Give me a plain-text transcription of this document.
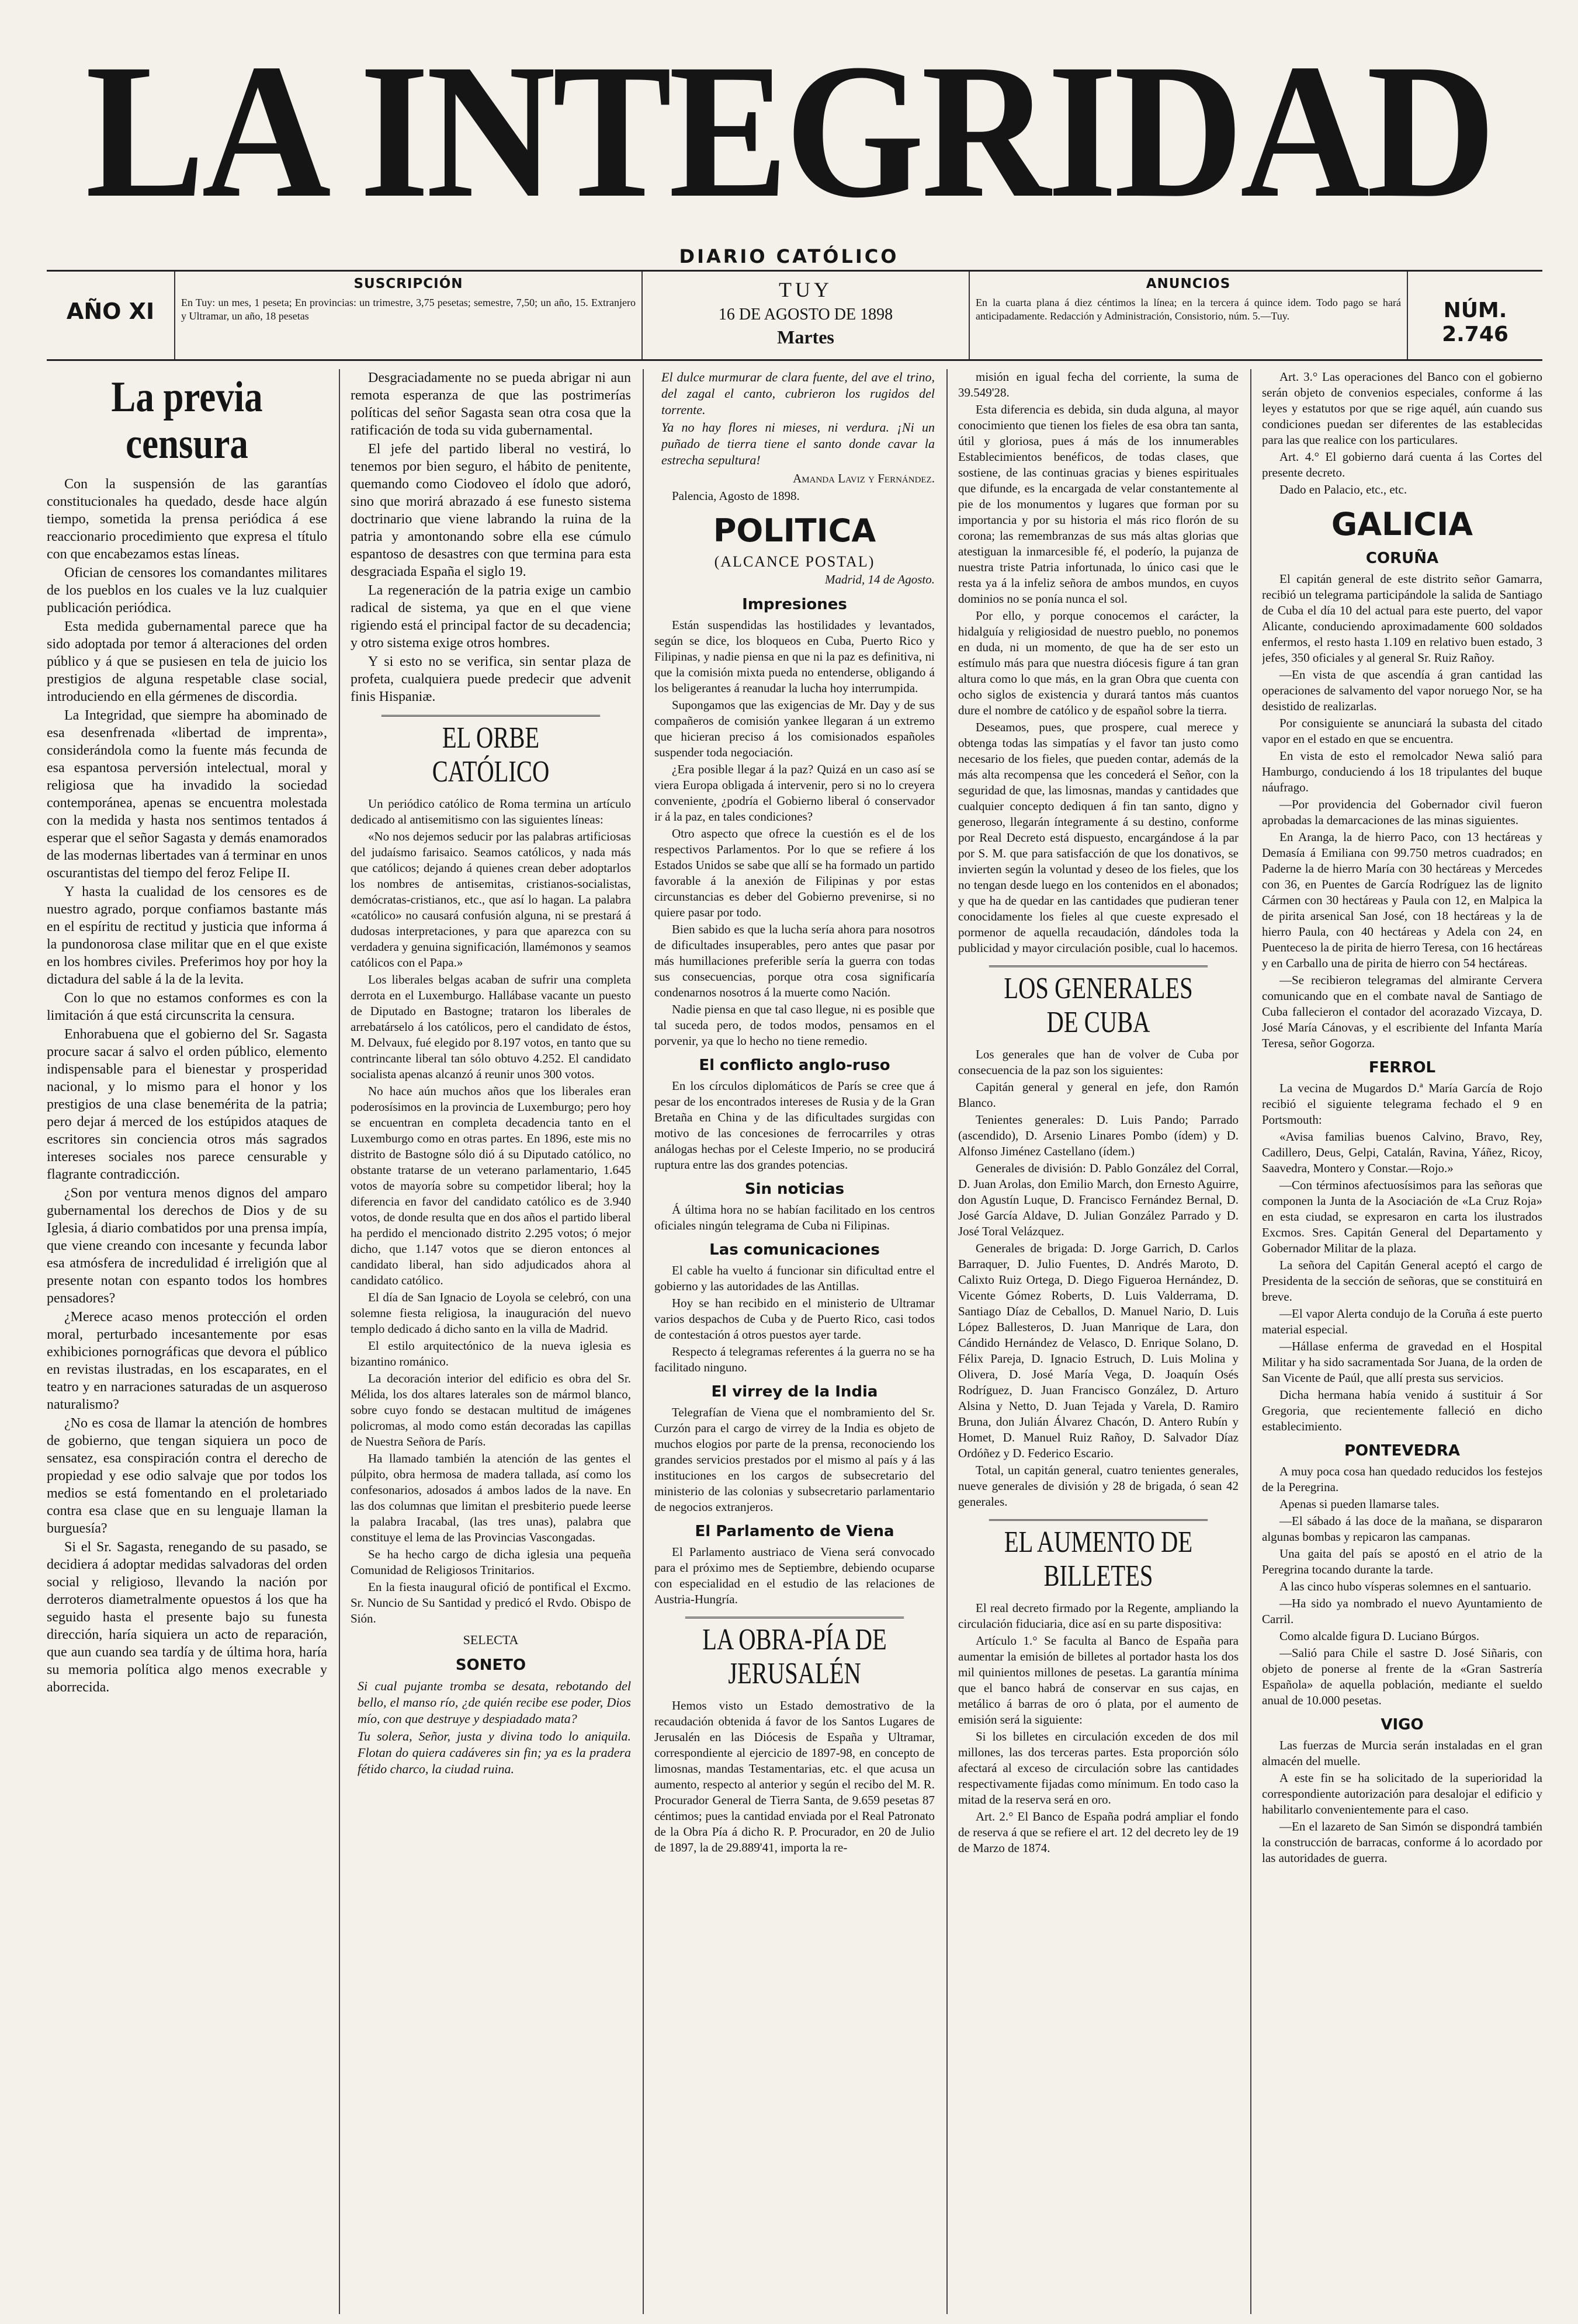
LA INTEGRIDAD
DIARIO CATÓLICO
AÑO XI
SUSCRIPCIÓN

En Tuy: un mes, 1 peseta; En provincias: un trimestre, 3,75 pesetas; semestre, 7,50; un año, 15. Extranjero y Ultramar, un año, 18 pesetas

TUY
16 DE AGOSTO DE 1898
Martes
ANUNCIOS

En la cuarta plana á diez céntimos la línea; en la tercera á quince idem. Todo pago se hará anticipadamente. Redacción y Administración, Consistorio, núm. 5.—Tuy.	NÚM. 2.746
La previa censura

Con la suspensión de las garantías constitucionales ha quedado, desde hace algún tiempo, sometida la prensa periódica á ese reaccionario procedimiento que expresa el título con que encabezamos estas líneas.

Ofician de censores los comandantes militares de los pueblos en los cuales ve la luz cualquier publicación periódica.

Esta medida gubernamental parece que ha sido adoptada por temor á alteraciones del orden público y á que se pusiesen en tela de juicio los prestigios de alguna respetable clase social, introduciendo en ella gérmenes de discordia.

La Integridad, que siempre ha abominado de esa desenfrenada «libertad de imprenta», considerándola como la fuente más fecunda de esa espantosa perversión intelectual, moral y religiosa que ha invadido la sociedad contemporánea, apenas se encuentra molestada con la medida y hasta nos sentimos tentados á esperar que el señor Sagasta y demás enamorados de las modernas libertades van á terminar en unos oscurantistas del tiempo del feroz Felipe II.

Y hasta la cualidad de los censores es de nuestro agrado, porque confiamos bastante más en el espíritu de rectitud y justicia que informa á la pundonorosa clase militar que en el que existe en los hombres civiles. Preferimos hoy por hoy la dictadura del sable á la de la levita.

Con lo que no estamos conformes es con la limitación á que está circunscrita la censura.

Enhorabuena que el gobierno del Sr. Sagasta procure sacar á salvo el orden público, elemento indispensable para el bienestar y prosperidad nacional, y lo mismo para el honor y los prestigios de una clase benemérita de la patria; pero dejar á merced de los estúpidos ataques de escritores sin conciencia otros más sagrados intereses sociales nos parece censurable y flagrante contradicción.

¿Son por ventura menos dignos del amparo gubernamental los derechos de Dios y de su Iglesia, á diario combatidos por una prensa impía, que viene creando con incesante y fecunda labor esa atmósfera de incredulidad é irreligión que al presente notan con espanto todos los hombres pensadores?

¿Merece acaso menos protección el orden moral, perturbado incesantemente por esas exhibiciones pornográficas que devora el público en revistas ilustradas, en los escaparates, en el teatro y en narraciones saturadas de un asqueroso naturalismo?

¿No es cosa de llamar la atención de hombres de gobierno, que tengan siquiera un poco de sensatez, esa conspiración contra el derecho de propiedad y ese odio salvaje que por todos los medios se está fomentando en el proletariado contra esa clase que en su lenguaje llaman la burguesía?

Si el Sr. Sagasta, renegando de su pasado, se decidiera á adoptar medidas salvadoras del orden social y religioso, llevando la nación por derroteros diametralmente opuestos á los que ha seguido hasta el presente bajo su funesta dirección, haría siquiera un acto de reparación, que aun cuando sea tardía y de última hora, haría su memoria política algo menos execrable y aborrecida.

Desgraciadamente no se pueda abrigar ni aun remota esperanza de que las postrimerías políticas del señor Sagasta sean otra cosa que la ratificación de toda su vida gubernamental.

El jefe del partido liberal no vestirá, lo tenemos por bien seguro, el hábito de penitente, quemando como Ciodoveo el ídolo que adoró, sino que morirá abrazado á ese funesto sistema doctrinario que viene labrando la ruina de la patria y amontonando sobre ella ese cúmulo espantoso de desastres con que termina para esta desgraciada España el siglo 19.

La regeneración de la patria exige un cambio radical de sistema, ya que en el que viene rigiendo está el principal factor de su decadencia; y otro sistema exige otros hombres.

Y si esto no se verifica, sin sentar plaza de profeta, cualquiera puede predecir que advenit finis Hispaniæ.

EL ORBE CATÓLICO

Un periódico católico de Roma termina un artículo dedicado al antisemitismo con las siguientes líneas:

«No nos dejemos seducir por las palabras artificiosas del judaísmo farisaico. Seamos católicos, y nada más que católicos; dejando á quienes crean deber adoptarlos los nombres de antisemitas, cristianos-socialistas, demócratas-cristianos, etc., que así lo hagan. La palabra «católico» no causará confusión alguna, ni se prestará á dudosas interpretaciones, y para que aparezca con su verdadera y genuina significación, llamémonos y seamos católicos con el Papa.»

Los liberales belgas acaban de sufrir una completa derrota en el Luxemburgo. Hallábase vacante un puesto de Diputado en Bastogne; trataron los liberales de arrebatárselo á los católicos, pero el candidato de éstos, M. Delvaux, fué elegido por 8.197 votos, en tanto que su contrincante liberal tan sólo obtuvo 4.252. El candidato socialista apenas alcanzó á reunir unos 300 votos.

No hace aún muchos años que los liberales eran poderosísimos en la provincia de Luxemburgo; pero hoy se encuentran en completa decadencia tanto en el Luxemburgo como en otras partes. En 1896, este mis no distrito de Bastogne sólo dió á su Diputado católico, no obstante tratarse de un veterano parlamentario, 1.645 votos de mayoría sobre su competidor liberal; hoy la diferencia en favor del candidato católico es de 3.940 votos, de donde resulta que en dos años el partido liberal ha perdido el mencionado distrito 2.295 votos; ó mejor dicho, que 1.147 votos que se dieron entonces al candidato liberal, han sido adjudicados ahora al candidato católico.

El día de San Ignacio de Loyola se celebró, con una solemne fiesta religiosa, la inauguración del nuevo templo dedicado á dicho santo en la villa de Madrid.

El estilo arquitectónico de la nueva iglesia es bizantino románico.

La decoración interior del edificio es obra del Sr. Mélida, los dos altares laterales son de mármol blanco, sobre cuyo fondo se destacan multitud de imágenes policromas, al modo como están decoradas las capillas de Nuestra Señora de París.

Ha llamado también la atención de las gentes el púlpito, obra hermosa de madera tallada, así como los confesonarios, adosados á ambos lados de la nave. En las dos columnas que limitan el presbiterio puede leerse la palabra Iracabal, (las tres unas), palabra que constituye el lema de las Provincias Vascongadas.

Se ha hecho cargo de dicha iglesia una pequeña Comunidad de Religiosos Trinitarios.

En la fiesta inaugural ofició de pontifical el Excmo. Sr. Nuncio de Su Santidad y predicó el Rvdo. Obispo de Sión.

SELECTA
SONETO

Si cual pujante tromba se desata, rebotando del bello, el manso río, ¿de quién recibe ese poder, Dios mío, con que destruye y despiadado mata?

Tu solera, Señor, justa y divina todo lo aniquila. Flotan do quiera cadáveres sin fin; ya es la pradera fétido charco, la ciudad ruina.

El dulce murmurar de clara fuente, del ave el trino, del zagal el canto, cubrieron los rugidos del torrente.

Ya no hay flores ni mieses, ni verdura. ¡Ni un puñado de tierra tiene el santo donde cavar la estrecha sepultura!

Amanda Laviz y Fernández.

Palencia, Agosto de 1898.

POLITICA
(ALCANCE POSTAL)
Madrid, 14 de Agosto.
Impresiones

Están suspendidas las hostilidades y levantados, según se dice, los bloqueos en Cuba, Puerto Rico y Filipinas, y nadie piensa en que ni la paz es definitiva, ni que la comisión mixta pueda no entenderse, obligando á los beligerantes á reanudar la lucha hoy interrumpida.

Supongamos que las exigencias de Mr. Day y de sus compañeros de comisión yankee llegaran á un extremo que hicieran preciso á los comisionados españoles suspender toda negociación.

¿Era posible llegar á la paz? Quizá en un caso así se viera Europa obligada á intervenir, pero si no lo creyera conveniente, ¿podría el Gobierno liberal ó conservador ir á la paz, en tales condiciones?

Otro aspecto que ofrece la cuestión es el de los respectivos Parlamentos. Por lo que se refiere á los Estados Unidos se sabe que allí se ha formado un partido favorable á la anexión de Filipinas y por estas circunstancias es deber del Gobierno prevenirse, si no quiere pasar por todo.

Bien sabido es que la lucha sería ahora para nosotros de dificultades insuperables, pero antes que pasar por más humillaciones preferible sería la guerra con todas sus consecuencias, porque otra cosa significaría condenarnos nosotros á la muerte como Nación.

Nadie piensa en que tal caso llegue, ni es posible que tal suceda pero, de todos modos, pensamos en el porvenir, ya que lo hecho no tiene remedio.

El conflicto anglo-ruso

En los círculos diplomáticos de París se cree que á pesar de los encontrados intereses de Rusia y de la Gran Bretaña en China y de las dificultades surgidas con motivo de las concesiones de ferrocarriles y otras análogas hechas por el Celeste Imperio, no se producirá ruptura entre las dos grandes potencias.

Sin noticias

Á última hora no se habían facilitado en los centros oficiales ningún telegrama de Cuba ni Filipinas.

Las comunicaciones

El cable ha vuelto á funcionar sin dificultad entre el gobierno y las autoridades de las Antillas.

Hoy se han recibido en el ministerio de Ultramar varios despachos de Cuba y de Puerto Rico, casi todos de contestación á otros puestos ayer tarde.

Respecto á telegramas referentes á la guerra no se ha facilitado ninguno.

El virrey de la India

Telegrafían de Viena que el nombramiento del Sr. Curzón para el cargo de virrey de la India es objeto de muchos elogios por parte de la prensa, reconociendo los grandes servicios prestados por el mismo al país y á las instituciones en los cargos de subsecretario del ministerio de las colonias y subsecretario parlamentario de negocios extranjeros.

El Parlamento de Viena

El Parlamento austriaco de Viena será convocado para el próximo mes de Septiembre, debiendo ocuparse con especialidad en el estudio de las relaciones de Austria-Hungría.

LA OBRA-PÍA DE JERUSALÉN

Hemos visto un Estado demostrativo de la recaudación obtenida á favor de los Santos Lugares de Jerusalén en las Diócesis de España y Ultramar, correspondiente al ejercicio de 1897-98, en concepto de limosnas, mandas Testamentarias, etc. el que acusa un aumento, respecto al anterior y según el recibo del M. R. Procurador General de Tierra Santa, de 9.659 pesetas 87 céntimos; pues la cantidad enviada por el Real Patronato de la Obra Pía á dicho R. P. Procurador, en 20 de Julio de 1897, la de 29.889'41, importa la re-

misión en igual fecha del corriente, la suma de 39.549'28.

Esta diferencia es debida, sin duda alguna, al mayor conocimiento que tienen los fieles de esa obra tan santa, útil y gloriosa, pues á más de los innumerables Establecimientos benéficos, de todas clases, que sostiene, de las continuas gracias y bienes espirituales que difunde, es la encargada de velar constantemente al pie de los monumentos y lugares que forman por su importancia y por su historia el más rico florón de su corona; las remembranzas de sus más altas glorias que atestiguan la inmarcesible fé, el poderío, la pujanza de nuestra triste Patria infortunada, lo único casi que le resta ya á la infeliz señora de ambos mundos, en cuyos dominios no se ponía nunca el sol.

Por ello, y porque conocemos el carácter, la hidalguía y religiosidad de nuestro pueblo, no ponemos en duda, ni un momento, de que ha de ser esto un estímulo más para que nuestra diócesis figure á tan gran altura como lo que más, en la gran Obra que cuenta con ocho siglos de existencia y durará tantos más cuantos dure el nombre de católico y de español sobre la tierra.

Deseamos, pues, que prospere, cual merece y obtenga todas las simpatías y el favor tan justo como necesario de los fieles, que pueden contar, además de la más alta recompensa que les concederá el Señor, con la seguridad de que, las limosnas, mandas y cantidades que cualquier concepto dediquen á fin tan santo, digno y generoso, llegarán íntegramente á su destino, conforme por Real Decreto está dispuesto, encargándose á la par por S. M. que para satisfacción de que los donativos, se invierten según la voluntad y deseo de los fieles, que los no tengan desde luego en los contenidos en el abonados; y que ha de quedar en las cantidades que pudieran tener conocidamente los fieles al que cueste expresado el pormenor de aquella recaudación, dándoles toda la publicidad y mayor circulación posible, cual lo hacemos.

LOS GENERALES DE CUBA

Los generales que han de volver de Cuba por consecuencia de la paz son los siguientes:

Capitán general y general en jefe, don Ramón Blanco.

Tenientes generales: D. Luis Pando; Parrado (ascendido), D. Arsenio Linares Pombo (ídem) y D. Alfonso Jiménez Castellano (ídem.)

Generales de división: D. Pablo González del Corral, D. Juan Arolas, don Emilio March, don Ernesto Aguirre, don Agustín Luque, D. Francisco Fernández Bernal, D. José García Aldave, D. Julian González Parrado y D. José Toral Velázquez.

Generales de brigada: D. Jorge Garrich, D. Carlos Barraquer, D. Julio Fuentes, D. Andrés Maroto, D. Calixto Ruiz Ortega, D. Diego Figueroa Hernández, D. Vicente Gómez Roberts, D. Luis Valderrama, D. Santiago Díaz de Ceballos, D. Manuel Nario, D. Luis López Ballesteros, D. Juan Manrique de Lara, don Cándido Hernández de Velasco, D. Enrique Solano, D. Félix Pareja, D. Ignacio Estruch, D. Luis Molina y Olivera, D. José María Vega, D. Joaquín Osés Rodríguez, D. Juan Francisco González, D. Arturo Alsina y Netto, D. Juan Tejada y Varela, D. Ramiro Bruna, don Julián Álvarez Chacón, D. Antero Rubín y Homet, D. Manuel Ruiz Rañoy, D. Salvador Díaz Ordóñez y D. Federico Escario.

Total, un capitán general, cuatro tenientes generales, nueve generales de división y 28 de brigada, ó sean 42 generales.

EL AUMENTO DE BILLETES

El real decreto firmado por la Regente, ampliando la circulación fiduciaria, dice así en su parte dispositiva:

Artículo 1.° Se faculta al Banco de España para aumentar la emisión de billetes al portador hasta los dos mil quinientos millones de pesetas. La garantía mínima que el banco habrá de conservar en sus cajas, en metálico á barras de oro ó plata, por el aumento de emisión será la siguiente:

Si los billetes en circulación exceden de dos mil millones, las dos terceras partes. Esta proporción sólo afectará al exceso de circulación sobre las cantidades respectivamente fijadas como mínimum. En todo caso la mitad de la reserva será en oro.

Art. 2.° El Banco de España podrá ampliar el fondo de reserva á que se refiere el art. 12 del decreto ley de 19 de Marzo de 1874.

Art. 3.° Las operaciones del Banco con el gobierno serán objeto de convenios especiales, conforme á las leyes y estatutos por que se rige aquél, aún cuando sus condiciones puedan ser diferentes de las establecidas para las que realice con los particulares.

Art. 4.° El gobierno dará cuenta á las Cortes del presente decreto.

Dado en Palacio, etc., etc.

GALICIA
CORUÑA

El capitán general de este distrito señor Gamarra, recibió un telegrama participándole la salida de Santiago de Cuba el día 10 del actual para este puerto, del vapor Alicante, conduciendo aproximadamente 600 soldados enfermos, el resto hasta 1.109 en relativo buen estado, 3 jefes, 350 oficiales y al general Sr. Ruiz Rañoy.

—En vista de que ascendía á gran cantidad las operaciones de salvamento del vapor noruego Nor, se ha desistido de realizarlas.

Por consiguiente se anunciará la subasta del citado vapor en el estado en que se encuentra.

En vista de esto el remolcador Newa salió para Hamburgo, conduciendo á los 18 tripulantes del buque náufrago.

—Por providencia del Gobernador civil fueron aprobadas la demarcaciones de las minas siguientes.

En Aranga, la de hierro Paco, con 13 hectáreas y Demasía á Emiliana con 99.750 metros cuadrados; en Paderne la de hierro María con 30 hectáreas y Mercedes con 36, en Puentes de García Rodríguez las de lignito Cármen con 30 hectáreas y Paula con 12, en Malpica la de pirita arsenical San José, con 18 hectáreas y la de hierro Paula, con 40 hectáreas y Adela con 24, en Puenteceso la de pirita de hierro Teresa, con 16 hectáreas y en Carballo una de pirita de hierro con 54 hectáreas.

—Se recibieron telegramas del almirante Cervera comunicando que en el combate naval de Santiago de Cuba fallecieron el contador del acorazado Vizcaya, D. José María Cánovas, y el escribiente del Infanta María Teresa, señor Gogorza.

FERROL

La vecina de Mugardos D.ª María García de Rojo recibió el siguiente telegrama fechado el 9 en Portsmouth:

«Avisa familias buenos Calvino, Bravo, Rey, Cadillero, Deus, Gelpi, Catalán, Ravina, Yáñez, Ricoy, Saavedra, Montero y Constar.—Rojo.»

—Con términos afectuosísimos para las señoras que componen la Junta de la Asociación de «La Cruz Roja» en esta ciudad, se expresaron en carta los ilustrados Excmos. Sres. Capitán General del Departamento y Gobernador Militar de la plaza.

La señora del Capitán General aceptó el cargo de Presidenta de la sección de señoras, que se constituirá en breve.

—El vapor Alerta condujo de la Coruña á este puerto material especial.

—Hállase enferma de gravedad en el Hospital Militar y ha sido sacramentada Sor Juana, de la orden de San Vicente de Paúl, que allí presta sus servicios.

Dicha hermana había venido á sustituir á Sor Gregoria, que recientemente falleció en dicho establecimiento.

PONTEVEDRA

A muy poca cosa han quedado reducidos los festejos de la Peregrina.

Apenas si pueden llamarse tales.

—El sábado á las doce de la mañana, se dispararon algunas bombas y repicaron las campanas.

Una gaita del país se apostó en el atrio de la Peregrina tocando durante la tarde.

A las cinco hubo vísperas solemnes en el santuario.

—Ha sido ya nombrado el nuevo Ayuntamiento de Carril.

Como alcalde figura D. Luciano Búrgos.

—Salió para Chile el sastre D. José Siñaris, con objeto de ponerse al frente de la «Gran Sastrería Española» de aquella población, mediante el sueldo anual de 10.000 pesetas.

VIGO

Las fuerzas de Murcia serán instaladas en el gran almacén del muelle.

A este fin se ha solicitado de la superioridad la correspondiente autorización para desalojar el edificio y habilitarlo convenientemente para el caso.

—En el lazareto de San Simón se dispondrá también la construcción de barracas, conforme á lo acordado por las autoridades de guerra.
